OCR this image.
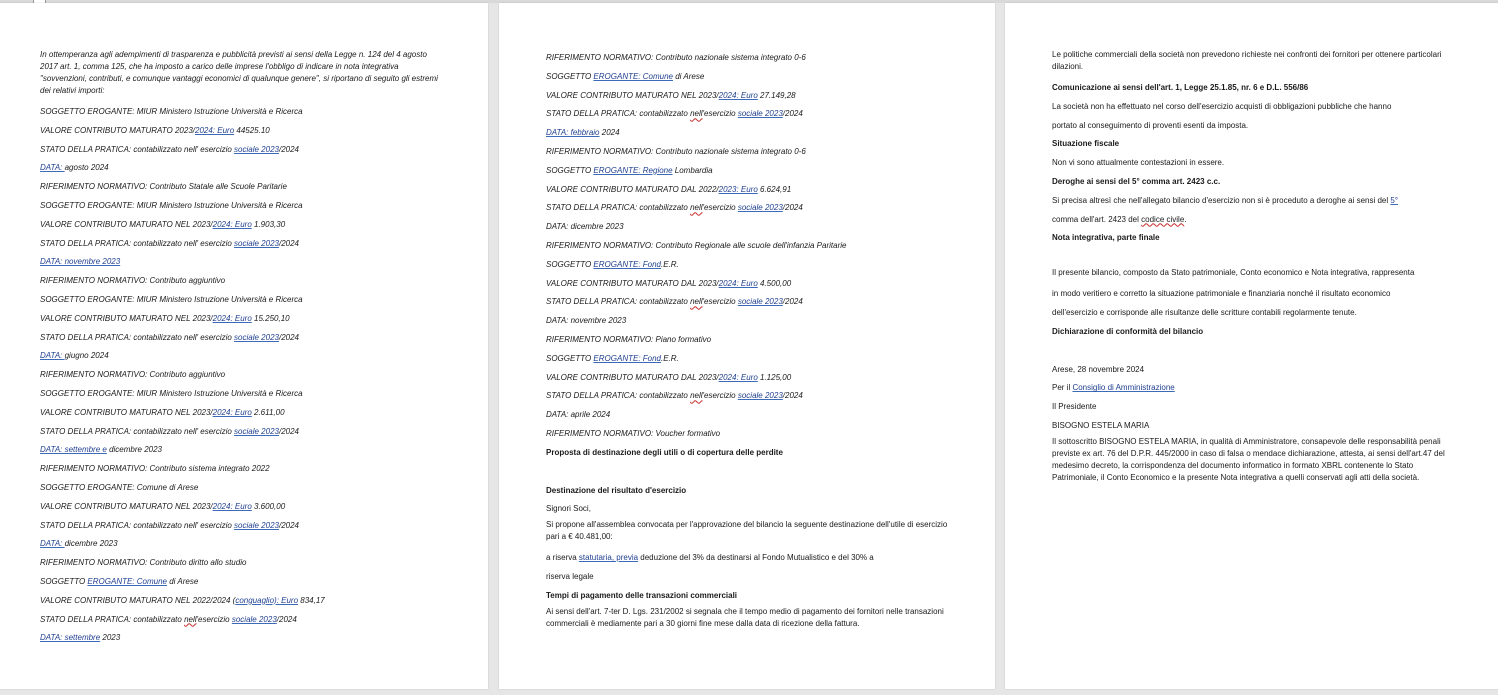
In ottemperanza agli adempimenti di trasparenza e pubblicità previsti ai sensi della Legge n. 124 del 4 agosto 2017 art. 1, comma 125, che ha imposto a carico delle imprese l'obbligo di indicare in nota integrativa "sovvenzioni, contributi, e comunque vantaggi economici di qualunque genere", si riportano di seguito gli estremi dei relativi importi:
SOGGETTO EROGANTE: MIUR Ministero Istruzione Università e Ricerca
VALORE CONTRIBUTO MATURATO 2023/2024: Euro 44525.10
STATO DELLA PRATICA: contabilizzato nell' esercizio sociale 2023/2024
DATA: agosto 2024
RIFERIMENTO NORMATIVO: Contributo Statale alle Scuole Paritarie
SOGGETTO EROGANTE: MIUR Ministero Istruzione Università e Ricerca
VALORE CONTRIBUTO MATURATO NEL 2023/2024: Euro 1.903,30
STATO DELLA PRATICA: contabilizzato nell' esercizio sociale 2023/2024
DATA: novembre 2023
RIFERIMENTO NORMATIVO: Contributo aggiuntivo
SOGGETTO EROGANTE: MIUR Ministero Istruzione Università e Ricerca
VALORE CONTRIBUTO MATURATO NEL 2023/2024: Euro 15.250,10
STATO DELLA PRATICA: contabilizzato nell' esercizio sociale 2023/2024
DATA: giugno 2024
RIFERIMENTO NORMATIVO: Contributo aggiuntivo
SOGGETTO EROGANTE: MIUR Ministero Istruzione Università e Ricerca
VALORE CONTRIBUTO MATURATO NEL 2023/2024: Euro 2.611,00
STATO DELLA PRATICA: contabilizzato nell' esercizio sociale 2023/2024
DATA: settembre e dicembre 2023
RIFERIMENTO NORMATIVO: Contributo sistema integrato 2022
SOGGETTO EROGANTE: Comune di Arese
VALORE CONTRIBUTO MATURATO NEL 2023/2024: Euro 3.600,00
STATO DELLA PRATICA: contabilizzato nell' esercizio sociale 2023/2024
DATA: dicembre 2023
RIFERIMENTO NORMATIVO: Contributo diritto allo studio
SOGGETTO EROGANTE: Comune di Arese
VALORE CONTRIBUTO MATURATO NEL 2022/2024 (conguaglio): Euro 834,17
STATO DELLA PRATICA: contabilizzato nell'esercizio sociale 2023/2024
DATA: settembre 2023
RIFERIMENTO NORMATIVO: Contributo nazionale sistema integrato 0-6
SOGGETTO EROGANTE: Comune di Arese
VALORE CONTRIBUTO MATURATO NEL 2023/2024: Euro 27.149,28
STATO DELLA PRATICA: contabilizzato nell'esercizio sociale 2023/2024
DATA: febbraio 2024
RIFERIMENTO NORMATIVO: Contributo nazionale sistema integrato 0-6
SOGGETTO EROGANTE: Regione Lombardia
VALORE CONTRIBUTO MATURATO DAL 2022/2023: Euro 6.624,91
STATO DELLA PRATICA: contabilizzato nell'esercizio sociale 2023/2024
DATA: dicembre 2023
RIFERIMENTO NORMATIVO: Contributo Regionale alle scuole dell'infanzia Paritarie
SOGGETTO EROGANTE: Fond.E.R.
VALORE CONTRIBUTO MATURATO DAL 2023/2024: Euro 4.500,00
STATO DELLA PRATICA: contabilizzato nell'esercizio sociale 2023/2024
DATA: novembre 2023
RIFERIMENTO NORMATIVO: Piano formativo
SOGGETTO EROGANTE: Fond.E.R.
VALORE CONTRIBUTO MATURATO DAL 2023/2024: Euro 1.125,00
STATO DELLA PRATICA: contabilizzato nell'esercizio sociale 2023/2024
DATA: aprile 2024
RIFERIMENTO NORMATIVO: Voucher formativo
Proposta di destinazione degli utili o di copertura delle perdite
Destinazione del risultato d'esercizio
Signori Soci,
Si propone all'assemblea convocata per l'approvazione del bilancio la seguente destinazione dell'utile di esercizio pari a € 40.481,00:
a riserva statutaria, previa deduzione del 3% da destinarsi al Fondo Mutualistico e del 30% a
riserva legale
Tempi di pagamento delle transazioni commerciali
Ai sensi dell'art. 7-ter D. Lgs. 231/2002 si segnala che il tempo medio di pagamento dei fornitori nelle transazioni commerciali è mediamente pari a 30 giorni fine mese dalla data di ricezione della fattura.
Le politiche commerciali della società non prevedono richieste nei confronti dei fornitori per ottenere particolari dilazioni.
Comunicazione ai sensi dell'art. 1, Legge 25.1.85, nr. 6 e D.L. 556/86
La società non ha effettuato nel corso dell'esercizio acquisti di obbligazioni pubbliche che hanno
portato al conseguimento di proventi esenti da imposta.
Situazione fiscale
Non vi sono attualmente contestazioni in essere.
Deroghe ai sensi del 5° comma art. 2423 c.c.
Si precisa altresì che nell'allegato bilancio d'esercizio non si è proceduto a deroghe ai sensi del 5°
comma dell'art. 2423 del codice civile.
Nota integrativa, parte finale
Il presente bilancio, composto da Stato patrimoniale, Conto economico e Nota integrativa, rappresenta
in modo veritiero e corretto la situazione patrimoniale e finanziaria nonché il risultato economico
dell'esercizio e corrisponde alle risultanze delle scritture contabili regolarmente tenute.
Dichiarazione di conformità del bilancio
Arese, 28 novembre 2024
Per il Consiglio di Amministrazione
Il Presidente
BISOGNO ESTELA MARIA
Il sottoscritto BISOGNO ESTELA MARIA, in qualità di Amministratore, consapevole delle responsabilità penali previste ex art. 76 del D.P.R. 445/2000 in caso di falsa o mendace dichiarazione, attesta, ai sensi dell'art.47 del medesimo decreto, la corrispondenza del documento informatico in formato XBRL contenente lo Stato Patrimoniale, il Conto Economico e la presente Nota integrativa a quelli conservati agli atti della società.
